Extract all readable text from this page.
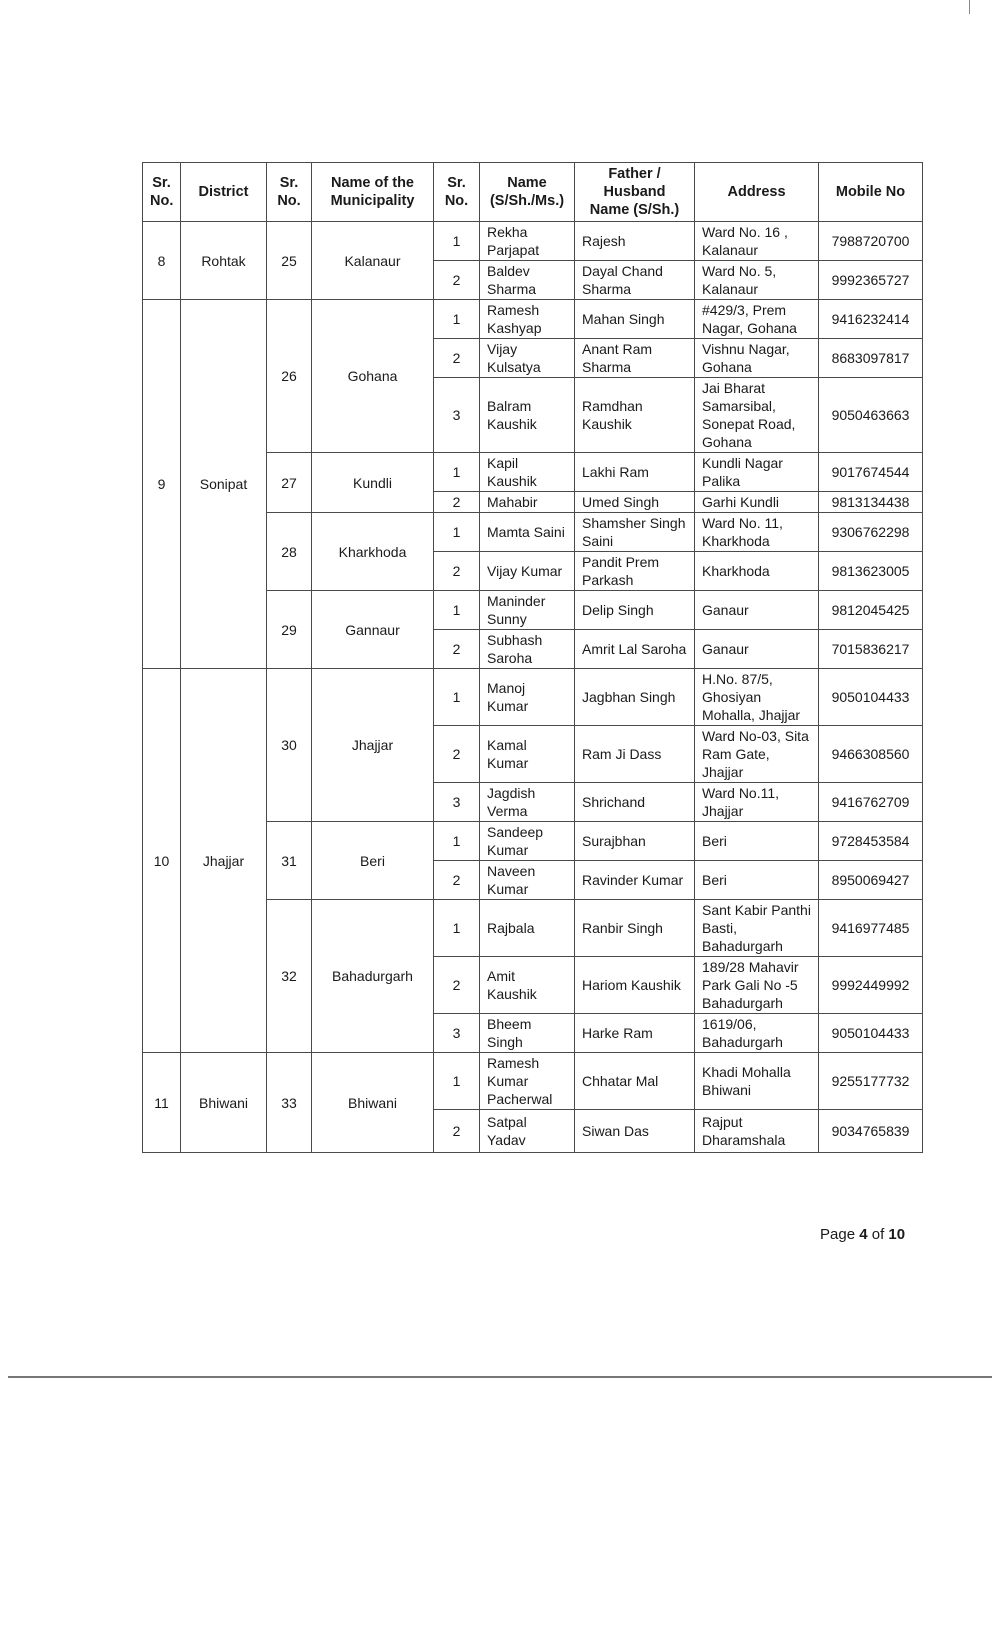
Sr. No.	District	Sr. No.	Name of the Municipality	Sr. No.	Name (S/Sh./Ms.)	Father / Husband Name (S/Sh.)	Address	Mobile No
8	Rohtak	25	Kalanaur	1	Rekha Parjapat	Rajesh	Ward No. 16 , Kalanaur	7988720700
				2	Baldev Sharma	Dayal Chand Sharma	Ward No. 5, Kalanaur	9992365727
9	Sonipat	26	Gohana	1	Ramesh Kashyap	Mahan Singh	#429/3, Prem Nagar, Gohana	9416232414
				2	Vijay Kulsatya	Anant Ram Sharma	Vishnu Nagar, Gohana	8683097817
				3	Balram Kaushik	Ramdhan Kaushik	Jai Bharat Samarsibal, Sonepat Road, Gohana	9050463663
		27	Kundli	1	Kapil Kaushik	Lakhi Ram	Kundli Nagar Palika	9017674544
				2	Mahabir	Umed Singh	Garhi Kundli	9813134438
		28	Kharkhoda	1	Mamta Saini	Shamsher Singh Saini	Ward No. 11, Kharkhoda	9306762298
				2	Vijay Kumar	Pandit Prem Parkash	Kharkhoda	9813623005
		29	Gannaur	1	Maninder Sunny	Delip Singh	Ganaur	9812045425
				2	Subhash Saroha	Amrit Lal Saroha	Ganaur	7015836217
10	Jhajjar	30	Jhajjar	1	Manoj Kumar	Jagbhan Singh	H.No. 87/5, Ghosiyan Mohalla, Jhajjar	9050104433
				2	Kamal Kumar	Ram Ji Dass	Ward No-03, Sita Ram Gate, Jhajjar	9466308560
				3	Jagdish Verma	Shrichand	Ward No.11, Jhajjar	9416762709
		31	Beri	1	Sandeep Kumar	Surajbhan	Beri	9728453584
				2	Naveen Kumar	Ravinder Kumar	Beri	8950069427
		32	Bahadurgarh	1	Rajbala	Ranbir Singh	Sant Kabir Panthi Basti, Bahadurgarh	9416977485
				2	Amit Kaushik	Hariom Kaushik	189/28 Mahavir Park Gali No -5 Bahadurgarh	9992449992
				3	Bheem Singh	Harke Ram	1619/06, Bahadurgarh	9050104433
11	Bhiwani	33	Bhiwani	1	Ramesh Kumar Pacherwal	Chhatar Mal	Khadi Mohalla Bhiwani	9255177732
				2	Satpal Yadav	Siwan Das	Rajput Dharamshala	9034765839
Page 4 of 10
